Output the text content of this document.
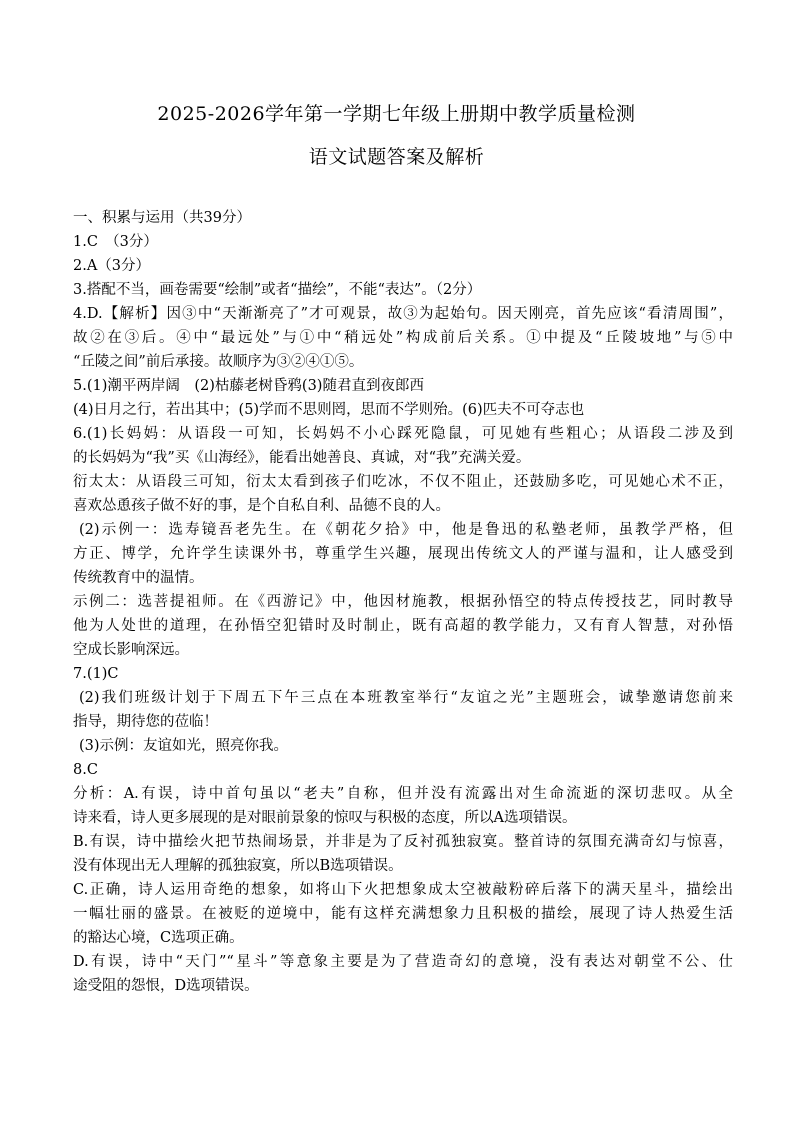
2025-2026学年第一学期七年级上册期中教学质量检测
语文试题答案及解析
一、积累与运用（共39分）
1.C　（3分）
2.A（3分）
3.搭配不当，画卷需要“绘制”或者“描绘”，不能“表达”。（2分）
4.D.【解析】因③中“天渐渐亮了”才可观景，故③为起始句。因天刚亮，首先应该“看清周围”，
故②在③后。④中“最远处”与①中“稍远处”构成前后关系。①中提及“丘陵坡地”与⑤中
“丘陵之间”前后承接。故顺序为③②④①⑤。
5.(1)潮平两岸阔　(2)枯藤老树昏鸦(3)随君直到夜郎西
(4)日月之行，若出其中；(5)学而不思则罔，思而不学则殆。(6)匹夫不可夺志也
6.(1)长妈妈：从语段一可知，长妈妈不小心踩死隐鼠，可见她有些粗心；从语段二涉及到
的长妈妈为“我”买《山海经》，能看出她善良、真诚，对“我”充满关爱。
衍太太：从语段三可知，衍太太看到孩子们吃冰，不仅不阻止，还鼓励多吃，可见她心术不正，
喜欢怂恿孩子做不好的事，是个自私自利、品德不良的人。
(2)示例一：选寿镜吾老先生。在《朝花夕拾》中，他是鲁迅的私塾老师，虽教学严格，但
方正、博学，允许学生读课外书，尊重学生兴趣，展现出传统文人的严谨与温和，让人感受到
传统教育中的温情。
示例二：选菩提祖师。在《西游记》中，他因材施教，根据孙悟空的特点传授技艺，同时教导
他为人处世的道理，在孙悟空犯错时及时制止，既有高超的教学能力，又有育人智慧，对孙悟
空成长影响深远。
7.(1)C
(2)我们班级计划于下周五下午三点在本班教室举行“友谊之光”主题班会，诚挚邀请您前来
指导，期待您的莅临！
(3)示例：友谊如光，照亮你我。
8.C
分析：A.有误，诗中首句虽以“老夫”自称，但并没有流露出对生命流逝的深切悲叹。从全
诗来看，诗人更多展现的是对眼前景象的惊叹与积极的态度，所以A选项错误。
B.有误，诗中描绘火把节热闹场景，并非是为了反衬孤独寂寞。整首诗的氛围充满奇幻与惊喜，
没有体现出无人理解的孤独寂寞，所以B选项错误。
C.正确，诗人运用奇绝的想象，如将山下火把想象成太空被敲粉碎后落下的满天星斗，描绘出
一幅壮丽的盛景。在被贬的逆境中，能有这样充满想象力且积极的描绘，展现了诗人热爱生活
的豁达心境，C选项正确。
D.有误，诗中“天门”“星斗”等意象主要是为了营造奇幻的意境，没有表达对朝堂不公、仕
途受阻的怨恨，D选项错误。
